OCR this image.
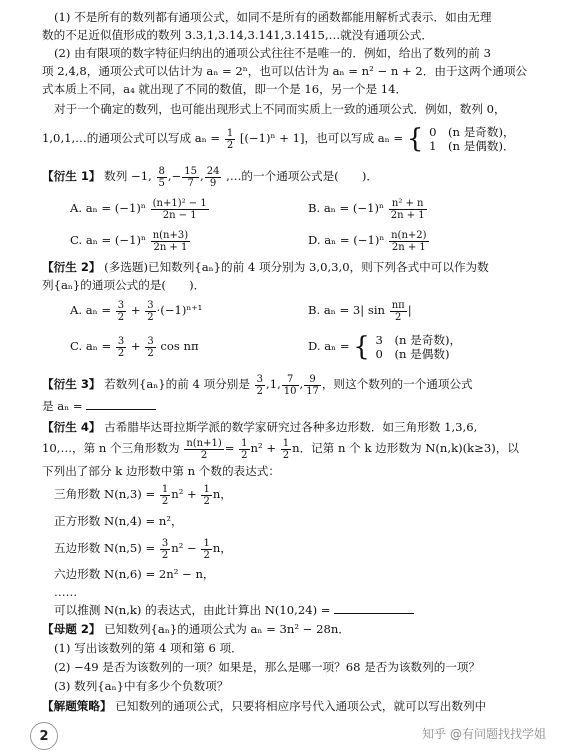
(1) 不是所有的数列都有通项公式，如同不是所有的函数都能用解析式表示．如由无理
数的不足近似值形成的数列 3.3,1,3.14,3.141,3.1415,…就没有通项公式．
(2) 由有限项的数字特征归纳出的通项公式往往不是唯一的．例如，给出了数列的前 3
项 2,4,8，通项公式可以估计为 aₙ = 2ⁿ，也可以估计为 aₙ = n² − n + 2．由于这两个通项公
式本质上不同，a₄ 就出现了不同的数值，即一个是 16，另一个是 14．
对于一个确定的数列，也可能出现形式上不同而实质上一致的通项公式．例如，数列 0，
1,0,1,…的通项公式可以写成 $a_n = \frac{1}{2} [(-1)^n + 1]$，也可以写成 aₙ = { 0　(n 是奇数)，
1　(n 是偶数)．
【衍生 1】 数列 −1, $\frac{8}{5}$ ,− $\frac{15}{7}$ , $\frac{24}{9}$ ,…的一个通项公式是(　　)．
A. $a_n = (-1)^n \frac{\text{(n+1)² − 1}}{2n - 1}$	B. $a_n = (-1)^n \frac{\text{n² + n}}{2n + 1}$
C. $a_n = (-1)^n \frac{n(n+3)}{2n + 1}$	D. $a_n = (-1)^n \frac{n(n+2)}{2n + 1}$
【衍生 2】 (多选题)已知数列{aₙ}的前 4 项分别为 3,0,3,0，则下列各式中可以作为数
列{aₙ}的通项公式的是(　　)．
A. $a_n = \frac{3}{2} + \frac{3}{2} \cdot(-1)^{n+1}$	B. aₙ = 3| $\sin \frac{n\pi}{2}$ |
C. $a_n = \frac{3}{2} + \frac{3}{2}$ cos nπ	D. aₙ = { 3　(n 是奇数)，
0　(n 是偶数)
【衍生 3】 若数列{aₙ}的前 4 项分别是 $\frac{3}{2} ,1$, $\frac{7}{10}$ , $\frac{9}{17}$ ，则这个数列的一个通项公式
是 aₙ =
【衍生 4】 古希腊毕达哥拉斯学派的数学家研究过各种多边形数．如三角形数 1,3,6,
10,…，第 n 个三角形数为 $\frac{n(n+1)}{2} = \frac{1}{2} n^2 + \frac{1}{2}$ n．记第 n 个 k 边形数为 N(n,k)(k≥3)，以
下列出了部分 k 边形数中第 n 个数的表达式：
三角形数 $N(n,3) = \frac{1}{2} n^2 + \frac{1}{2}$ n，
正方形数 N(n,4) = n²，
五边形数 $N(n,5) = \frac{3}{2} n^2 - \frac{1}{2}$ n，
六边形数 N(n,6) = 2n² − n，
……
可以推测 N(n,k) 的表达式，由此计算出 N(10,24) =
【母题 2】 已知数列{aₙ}的通项公式为 aₙ = 3n² − 28n．
(1) 写出该数列的第 4 项和第 6 项．
(2) −49 是否为该数列的一项？如果是，那么是哪一项？68 是否为该数列的一项？
(3) 数列{aₙ}中有多少个负数项？
【解题策略】 已知数列的通项公式，只要将相应序号代入通项公式，就可以写出数列中
2	知乎 @有问题找找学姐
